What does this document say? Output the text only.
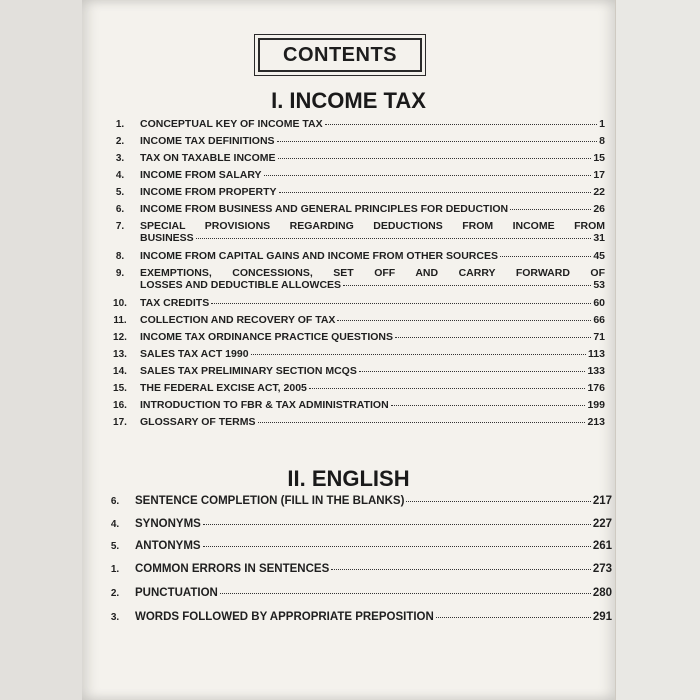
CONTENTS
I. INCOME TAX
1.	CONCEPTUAL KEY OF INCOME TAX	1
2.	INCOME TAX DEFINITIONS	8
3.	TAX ON TAXABLE INCOME	15
4.	INCOME FROM SALARY	17
5.	INCOME FROM PROPERTY	22
6.	INCOME FROM BUSINESS AND GENERAL PRINCIPLES FOR DEDUCTION	26
7.	SPECIAL PROVISIONS REGARDING DEDUCTIONS FROM INCOME FROM
BUSINESS	31
8.	INCOME FROM CAPITAL GAINS AND INCOME FROM OTHER SOURCES	45
9.	EXEMPTIONS, CONCESSIONS, SET OFF AND CARRY FORWARD OF
LOSSES AND DEDUCTIBLE ALLOWCES	53
10.	TAX CREDITS	60
11.	COLLECTION AND RECOVERY OF TAX	66
12.	INCOME TAX ORDINANCE PRACTICE QUESTIONS	71
13.	SALES TAX ACT 1990	113
14.	SALES TAX PRELIMINARY SECTION MCQS	133
15.	THE FEDERAL EXCISE ACT, 2005	176
16.	INTRODUCTION TO FBR & TAX ADMINISTRATION	199
17.	GLOSSARY OF TERMS	213
II. ENGLISH
6.	SENTENCE COMPLETION (FILL IN THE BLANKS)	217
4.	SYNONYMS	227
5.	ANTONYMS	261
1.	COMMON ERRORS IN SENTENCES	273
2.	PUNCTUATION	280
3.	WORDS FOLLOWED BY APPROPRIATE PREPOSITION	291
